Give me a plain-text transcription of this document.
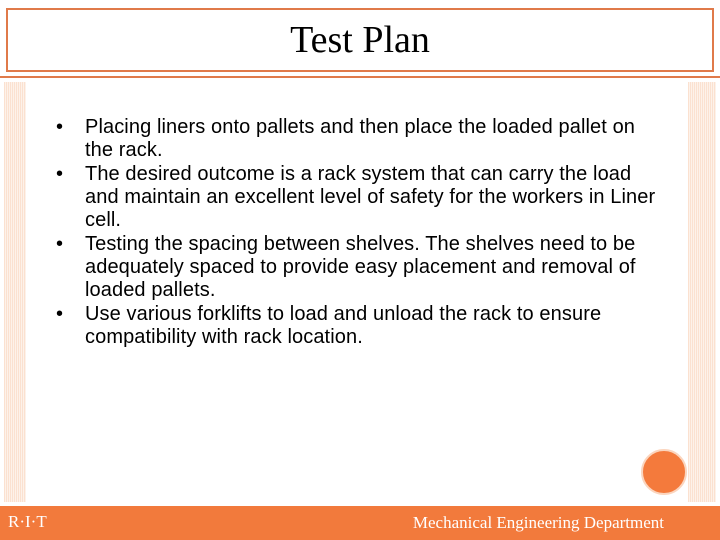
Test Plan
• Placing liners onto pallets and then place the loaded pallet on the rack.
• The desired outcome is a rack system that can carry the load and maintain an excellent level of safety for the workers in Liner cell.
• Testing the spacing between shelves. The shelves need to be adequately spaced to provide easy placement and removal of loaded pallets.
• Use various forklifts to load and unload the rack to ensure compatibility with rack location.
R·I·T	Mechanical Engineering Department
